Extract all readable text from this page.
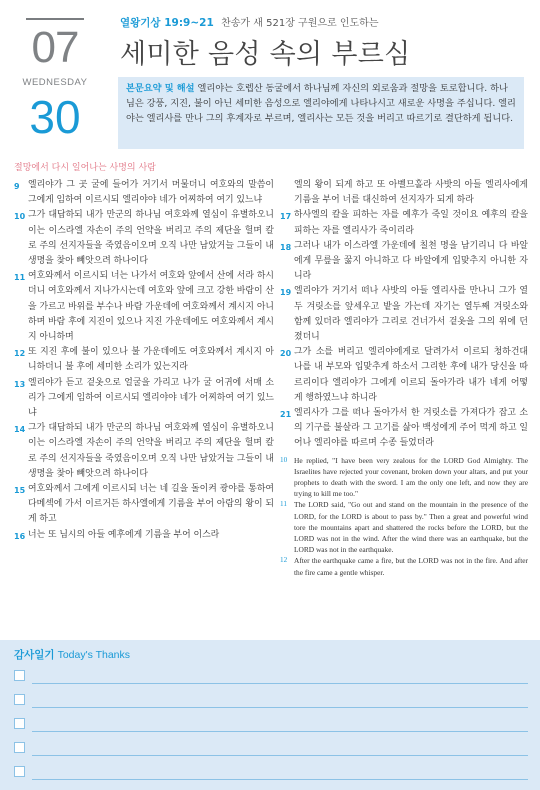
07
WEDNESDAY
30
열왕기상 19:9~21 찬송가 새 521장 구원으로 인도하는
세미한 음성 속의 부르심
본문요약 및 해설 엘리야는 호렙산 동굴에서 하나님께 자신의 외로움과 절망을 토로합니다. 하나님은 강풍, 지진, 불이 아닌 세미한 음성으로 엘리야에게 나타나시고 새로운 사명을 주십니다. 엘리야는 엘리사를 만나 그의 후계자로 부르며, 엘리사는 모든 것을 버리고 따르기로 결단하게 됩니다.
절망에서 다시 일어나는 사명의 사람
9 엘리야가 그 곳 굴에 들어가 거기서 머물더니 여호와의 말씀이 그에게 임하여 이르시되 엘리야야 네가 어찌하여 여기 있느냐
10 그가 대답하되 내가 만군의 하나님 여호와께 열심이 유별하오니 이는 이스라엘 자손이 주의 언약을 버리고 주의 제단을 헐며 칼로 주의 선지자들을 죽였음이오며 오직 나만 남았거늘 그들이 내 생명을 찾아 빼앗으려 하나이다
11 여호와께서 이르시되 너는 나가서 여호와 앞에서 산에 서라 하시더니 여호와께서 지나가시는데 여호와 앞에 크고 강한 바람이 산을 가르고 바위를 부수나 바람 가운데에 여호와께서 계시지 아니하며 바람 후에 지진이 있으나 지진 가운데에도 여호와께서 계시지 아니하며
12 또 지진 후에 불이 있으나 불 가운데에도 여호와께서 계시지 아니하더니 불 후에 세미한 소리가 있는지라
13 엘리야가 듣고 겉옷으로 얼굴을 가리고 나가 굴 어귀에 서매 소리가 그에게 임하여 이르시되 엘리야야 네가 어찌하여 여기 있느냐
14 그가 대답하되 내가 만군의 하나님 여호와께 열심이 유별하오니 이는 이스라엘 자손이 주의 언약을 버리고 주의 제단을 헐며 칼로 주의 선지자들을 죽였음이오며 오직 나만 남았거늘 그들이 내 생명을 찾아 빼앗으려 하나이다
15 여호와께서 그에게 이르시되 너는 네 길을 돌이켜 광야를 통하여 다메섹에 가서 이르거든 하사엘에게 기름을 부어 아람의 왕이 되게 하고
16 너는 또 님시의 아들 예후에게 기름을 부어 이스라
엘의 왕이 되게 하고 또 아벨므홀라 사밧의 아들 엘리사에게 기름을 부어 너를 대신하여 선지자가 되게 하라
17 하사엘의 칼을 피하는 자를 예후가 죽일 것이요 예후의 칼을 피하는 자를 엘리사가 죽이리라
18 그러나 내가 이스라엘 가운데에 칠천 명을 남기리니 다 바알에게 무릎을 꿇지 아니하고 다 바알에게 입맞추지 아니한 자니라
19 엘리야가 거기서 떠나 사밧의 아들 엘리사를 만나니 그가 열두 겨릿소를 앞세우고 밭을 가는데 자기는 열두째 겨릿소와 함께 있더라 엘리야가 그리로 건너가서 겉옷을 그의 위에 던졌더니
20 그가 소를 버리고 엘리야에게로 달려가서 이르되 청하건대 나를 내 부모와 입맞추게 하소서 그리한 후에 내가 당신을 따르리이다 엘리야가 그에게 이르되 돌아가라 내가 네게 어떻게 행하였느냐 하니라
21 엘리사가 그를 떠나 돌아가서 한 겨릿소를 가져다가 잡고 소의 기구를 불살라 그 고기를 삶아 백성에게 주어 먹게 하고 일어나 엘리야를 따르며 수종 들었더라
10 He replied, "I have been very zealous for the LORD God Almighty. The Israelites have rejected your covenant, broken down your altars, and put your prophets to death with the sword. I am the only one left, and now they are trying to kill me too."
11 The LORD said, "Go out and stand on the mountain in the presence of the LORD, for the LORD is about to pass by." Then a great and powerful wind tore the mountains apart and shattered the rocks before the LORD, but the LORD was not in the wind. After the wind there was an earthquake, but the LORD was not in the earthquake.
12 After the earthquake came a fire, but the LORD was not in the fire. And after the fire came a gentle whisper.
감사일기 Today's Thanks
